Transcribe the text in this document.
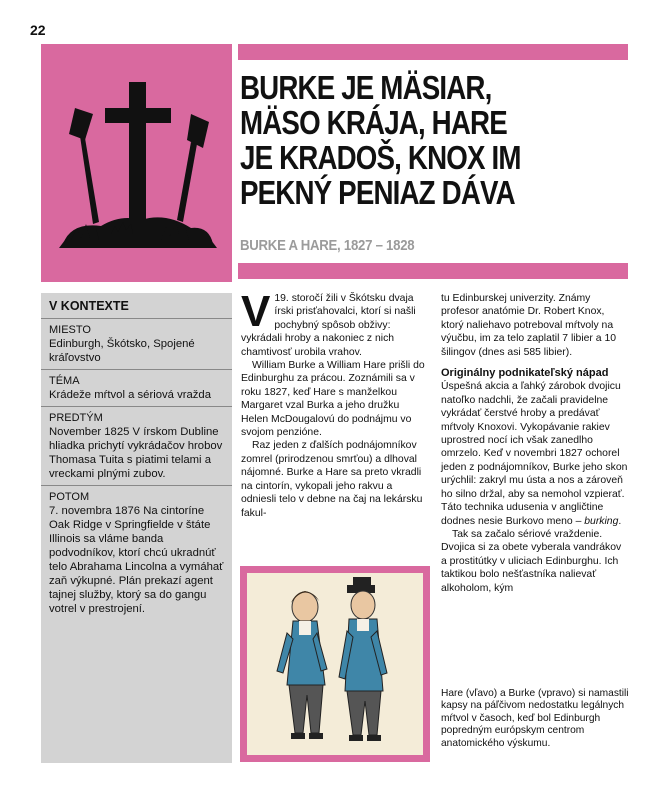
22
BURKE JE MÄSIAR,
MÄSO KRÁJA, HARE
JE KRADOŠ, KNOX IM
PEKNÝ PENIAZ DÁVA
BURKE A HARE, 1827 – 1828
V KONTEXTE
MIESTO
Edinburgh, Škótsko, Spojené kráľovstvo
TÉMA
Krádeže mŕtvol a sériová vražda
PREDTÝM
November 1825 V írskom Dubline hliadka prichytí vykrádačov hrobov Thomasa Tuita s piatimi telami a vreckami plnými zubov.
POTOM
7. novembra 1876 Na cintoríne Oak Ridge v Springfielde v štáte Illinois sa vláme banda podvodníkov, ktorí chcú ukradnúť telo Abrahama Lincolna a vymáhať zaň výkupné. Plán prekazí agent tajnej služby, ktorý sa do gangu votrel v prestrojení.

V 19. storočí žili v Škótsku dvaja írski prisťahovalci, ktorí si našli pochybný spôsob obživy: vykrádali hroby a nakoniec z nich chamtivosť urobila vrahov.

William Burke a William Hare prišli do Edinburghu za prácou. Zoznámili sa v roku 1827, keď Hare s manželkou Margaret vzal Burka a jeho družku Helen McDougalovú do podnájmu vo svojom penzióne.

Raz jeden z ďalších podnájomníkov zomrel (prirodzenou smrťou) a dlhoval nájomné. Burke a Hare sa preto vkradli na cintorín, vykopali jeho rakvu a odniesli telo v debne na čaj na lekársku fakul-

tu Edinburskej univerzity. Známy profesor anatómie Dr. Robert Knox, ktorý naliehavo potreboval mŕtvoly na výučbu, im za telo zaplatil 7 libier a 10 šilingov (dnes asi 585 libier).

Originálny podnikateľský nápad

Úspešná akcia a ľahký zárobok dvojicu natoľko nadchli, že začali pravidelne vykrádať čerstvé hroby a predávať mŕtvoly Knoxovi. Vykopávanie rakiev uprostred nocí ich však zanedlho omrzelo. Keď v novembri 1827 ochorel jeden z podnájomníkov, Burke jeho skon urýchlil: zakryl mu ústa a nos a zároveň ho silno držal, aby sa nemohol vzpierať. Táto technika udusenia v angličtine dodnes nesie Burkovo meno – burking.

Tak sa začalo sériové vraždenie. Dvojica si za obete vyberala vandrákov a prostitútky v uliciach Edinburghu. Ich taktikou bolo nešťastníka nalievať alkoholom, kým

Hare (vľavo) a Burke (vpravo) si namastili kapsy na páľčivom nedostatku legálnych mŕtvol v časoch, keď bol Edinburgh popredným európskym centrom anatomického výskumu.
